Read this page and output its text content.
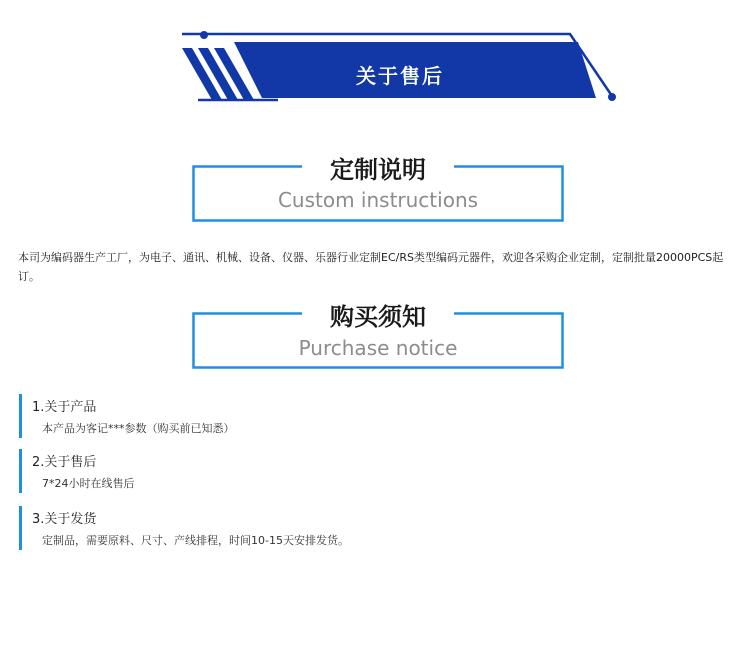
关于售后
定制说明
Custom instructions
本司为编码器生产工厂，为电子、通讯、机械、设备、仪器、乐器行业定制EC/RS类型编码元器件，欢迎各采购企业定制，定制批量20000PCS起订。
购买须知
Purchase notice
1.关于产品
本产品为客记***参数（购买前已知悉）
2.关于售后
7*24小时在线售后
3.关于发货
定制品，需要原料、尺寸、产线排程，时间10-15天安排发货。
